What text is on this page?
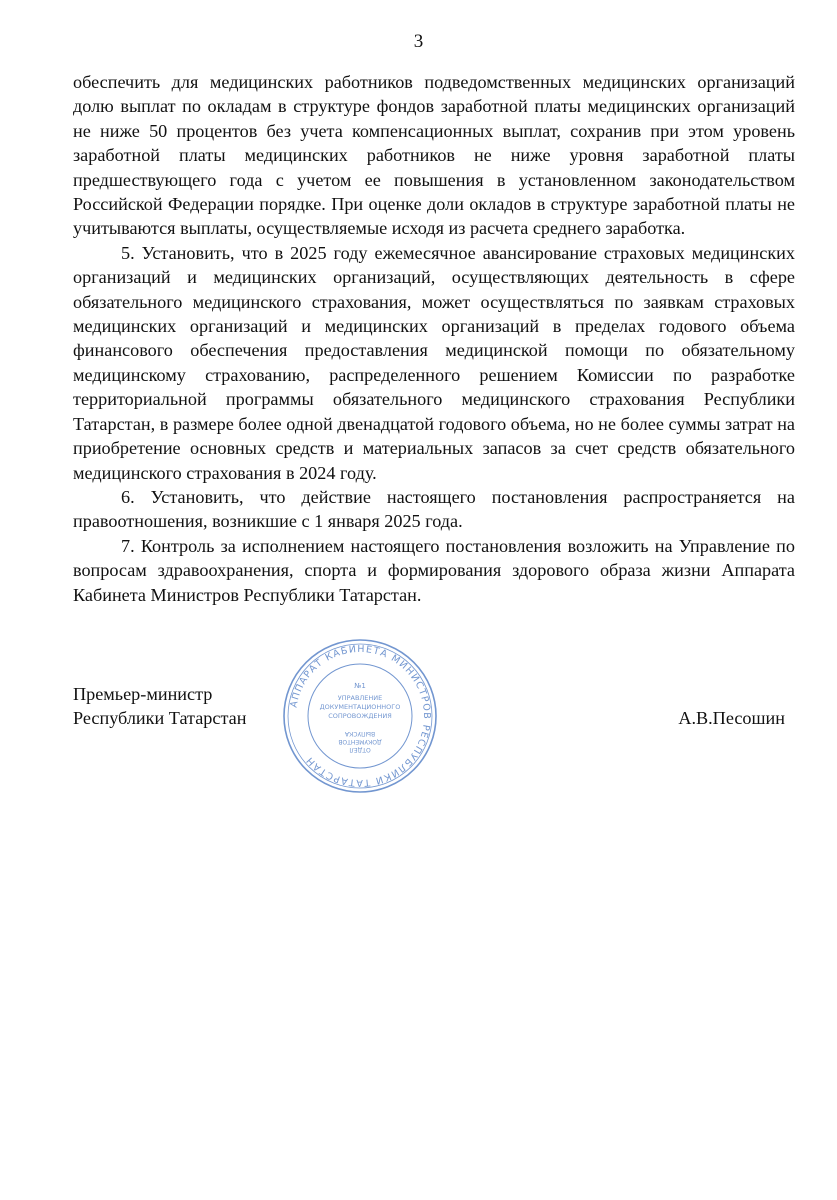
3

обеспечить для медицинских работников подведомственных медицинских организаций долю выплат по окладам в структуре фондов заработной платы медицинских организаций не ниже 50 процентов без учета компенсационных выплат, сохранив при этом уровень заработной платы медицинских работников не ниже уровня заработной платы предшествующего года с учетом ее повышения в установленном законодательством Российской Федерации порядке. При оценке доли окладов в структуре заработной платы не учитываются выплаты, осуществляемые исходя из расчета среднего заработка.

5. Установить, что в 2025 году ежемесячное авансирование страховых медицинских организаций и медицинских организаций, осуществляющих деятельность в сфере обязательного медицинского страхования, может осуществляться по заявкам страховых медицинских организаций и медицинских организаций в пределах годового объема финансового обеспечения предоставления медицинской помощи по обязательному медицинскому страхованию, распределенного решением Комиссии по разработке территориальной программы обязательного медицинского страхования Республики Татарстан, в размере более одной двенадцатой годового объема, но не более суммы затрат на приобретение основных средств и материальных запасов за счет средств обязательного медицинского страхования в 2024 году.

6. Установить, что действие настоящего постановления распространяется на правоотношения, возникшие с 1 января 2025 года.

7. Контроль за исполнением настоящего постановления возложить на Управление по вопросам здравоохранения, спорта и формирования здорового образа жизни Аппарата Кабинета Министров Республики Татарстан.

Премьер-министр
Республики Татарстан
АППАРАТ КАБИНЕТА МИНИСТРОВ РЕСПУБЛИКИ ТАТАРСТАН
№1
УПРАВЛЕНИЕ
ДОКУМЕНТАЦИОННОГО
СОПРОВОЖДЕНИЯ
ОТДЕЛ
ДОКУМЕНТОВ
ВЫПУСКА
А.В.Песошин
